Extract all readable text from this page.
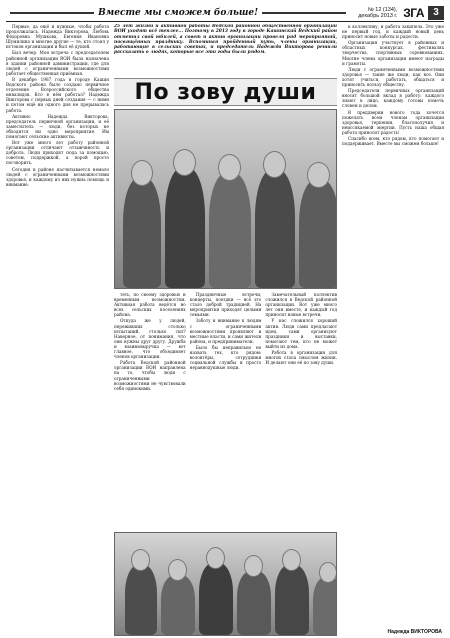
Вместе мы сможем больше!	№ 12 (134),
декабрь 2013 г. ЗГА 3

Первые, да ещё и нужные, чтобы работа продолжалась. Надежда Викторова, Любовь Фёдоровна Мушкова, Евгения Ивановна Шумилина и многие другие — те, кто стоял у истоков организации и был её душой.

Был вечер. Моя встреча с председателем районной организации ВОИ была назначена в здании районной администрации, где для людей с ограниченными возможностями работает общественная приёмная.

В декабре 1987 года в городе Кашин Ведского района было создано первичное отделение Всероссийского общества инвалидов. Кто в нём работал? Надежда Викторова с первых дней создания — с ними и потом ещё ни одного дня не прерывалась работа.

Активно Надежда Викторова, председатель первичной организации, и её заместитель — люди, без которых не обходится ни одно мероприятие. Им помогают сельские активисты.

Вот уже много лет работу районной организации отличают отзывчивость и доброта. Люди приходят сюда за помощью, советом, поддержкой, а порой просто поговорить.

Сегодня в районе насчитывается немало людей с ограниченными возможностями здоровья, и каждому из них нужна помощь и внимание.

25 лет жизни и активной работы Ведской районной общественной организации ВОИ уходят всё теплее... Поэтому в 2013 году в городе Кашинский Ведский район отметил свой юбилей, а совет и актив организации провели ряд мероприятий, посвящённых празднику. Вспоминая пройденный путь, члены организации, работающие в сельских советах, и председатель Надежда Викторова решили рассказать о людях, которые все эти годы были рядом.
По зову души

теть, по своему здоровью и временным возможностям. Активная работа ведётся во всех сельских поселениях района.

Откуда же у людей, переживших столько испытаний, столько сил? Наверное, от понимания, что они нужны друг другу. Дружба и взаимовыручка — вот главное, что объединяет членов организации.

Работа Ведской районной организации ВОИ направлена на то, чтобы люди с ограниченными возможностями не чувствовали себя одинокими.

Праздничные встречи, концерты, поездки — всё это стало доброй традицией. На мероприятия приходят целыми семьями.

Заботу и внимание к людям с ограниченными возможностями проявляют и местные власти, и сами жители района, и предприниматели.

Было бы неправильно не назвать тех, кто рядом: волонтёры, сотрудники социальной службы и просто неравнодушные люди.

Замечательный коллектив сложился в Ведской районной организации. Вот уже много лет они вместе, и каждый год приносит новые встречи.

У нас сложился хороший актив. Люди сами предлагают идеи, сами организуют праздники и выставки, помогают тем, кто не может выйти из дома.

Работа в организации для многих стала смыслом жизни. И делают они её по зову души.

к коллективу, и работа закипела. Это уже не первый год, и каждый новый день приносит новые заботы и радости.

Организация участвует в районных и областных конкурсах, фестивалях творчества, спортивных соревнованиях. Многие члены организации имеют награды и грамоты.

Люди с ограниченными возможностями здоровья — такие же люди, как все. Они хотят учиться, работать, общаться и приносить пользу обществу.

Председатели первичных организаций вносят большой вклад в работу: каждого знают в лицо, каждому готовы помочь словом и делом.

В преддверии нового года хочется пожелать всем членам организации здоровья, терпения, благополучия и неиссякаемой энергии. Пусть наша общая работа приносит радость!

Спасибо всем, кто рядом, кто помогает и поддерживает. Вместе мы сможем больше!

Надежда ВИКТОРОВА
